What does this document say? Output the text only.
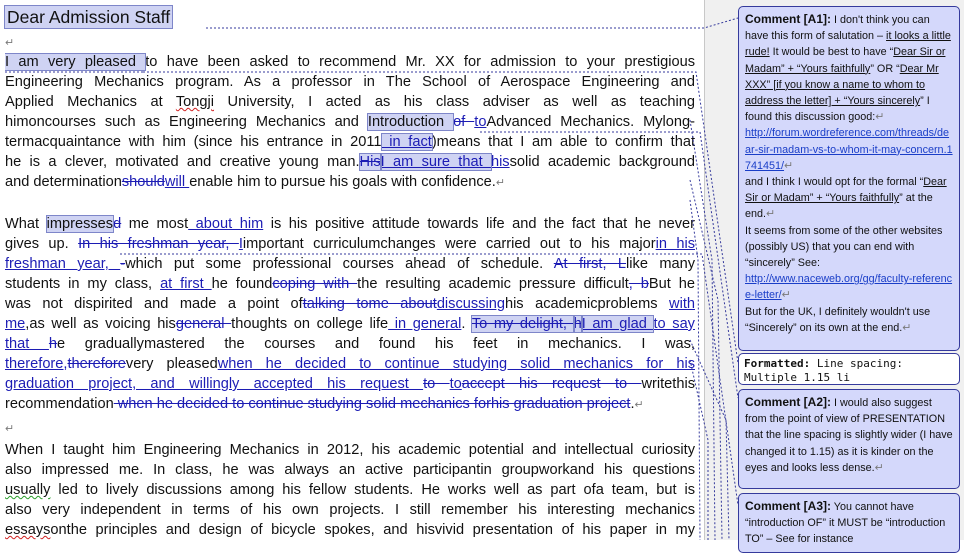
Dear Admission Staff
↵
I am very pleased to have been asked to recommend Mr. XX for admission to your prestigious
Engineering Mechanics program. As a professor in The School of Aerospace Engineering and
Applied Mechanics at Tongji University, I acted as his class adviser as well as teaching
himoncourses such as Engineering Mechanics and Introduction of toAdvanced Mechanics. Mylong-
termacquaintance with him (since his entrance in 2011 in fact)means that I am able to confirm that
he is a clever, motivated and creative young man.HisI am sure that hissolid academic background
and determinationshouldwill enable him to pursue his goals with confidence.↵
What impressesd me most about him is his positive attitude towards life and the fact that he never
gives up. In his freshman year, Iimportant curriculumchanges were carried out to his majorin his
freshman year, -which put some professional courses ahead of schedule. At first, Llike many
students in my class, at first he foundcoping with the resulting academic pressure difficult, bBut he
was not dispirited and made a point oftalking tome aboutdiscussinghis academicproblems with
me,as well as voicing hisgeneral thoughts on college life in general. To my delight, hI am glad to say
that he graduallymastered the courses and found his feet in mechanics. I was,
therefore,thereforevery pleasedwhen he decided to continue studying solid mechanics for his
graduation project, and willingly accepted his request to toaccept his request to writethis
recommendation when he decided to continue studying solid mechanics forhis graduation project.↵
↵
When I taught him Engineering Mechanics in 2012, his academic potential and intellectual curiosity
also impressed me. In class, he was always an active participantin groupworkand his questions
usually led to lively discussions among his fellow students. He works well as part ofa team, but is
also very independent in terms of his own projects. I still remember his interesting mechanics
essaysonthe principles and design of bicycle spokes, and hisvivid presentation of his paper in my
Comment [A1]: I don't think you can have this form of salutation – it looks a little rude! It would be best to have “Dear Sir or Madam” + “Yours faithfully” OR “Dear Mr XXX” [if you know a name to whom to address the letter] + “Yours sincerely” I found this discussion good:↵
http://forum.wordreference.com/threads/dear-sir-madam-vs-to-whom-it-may-concern.1741451/↵
and I think I would opt for the formal “Dear Sir or Madam” + “Yours faithfully” at the end.↵
It seems from some of the other websites (possibly US) that you can end with “sincerely” See:
http://www.naceweb.org/gg/faculty-reference-letter/↵
But for the UK, I definitely wouldn't use “Sincerely” on its own at the end.↵
Formatted: Line spacing: Multiple 1.15 li
Comment [A2]: I would also suggest from the point of view of PRESENTATION that the line spacing is slightly wider (I have changed it to 1.15) as it is kinder on the eyes and looks less dense.↵
Comment [A3]: You cannot have “introduction OF” it MUST be “introduction TO” – See for instance
